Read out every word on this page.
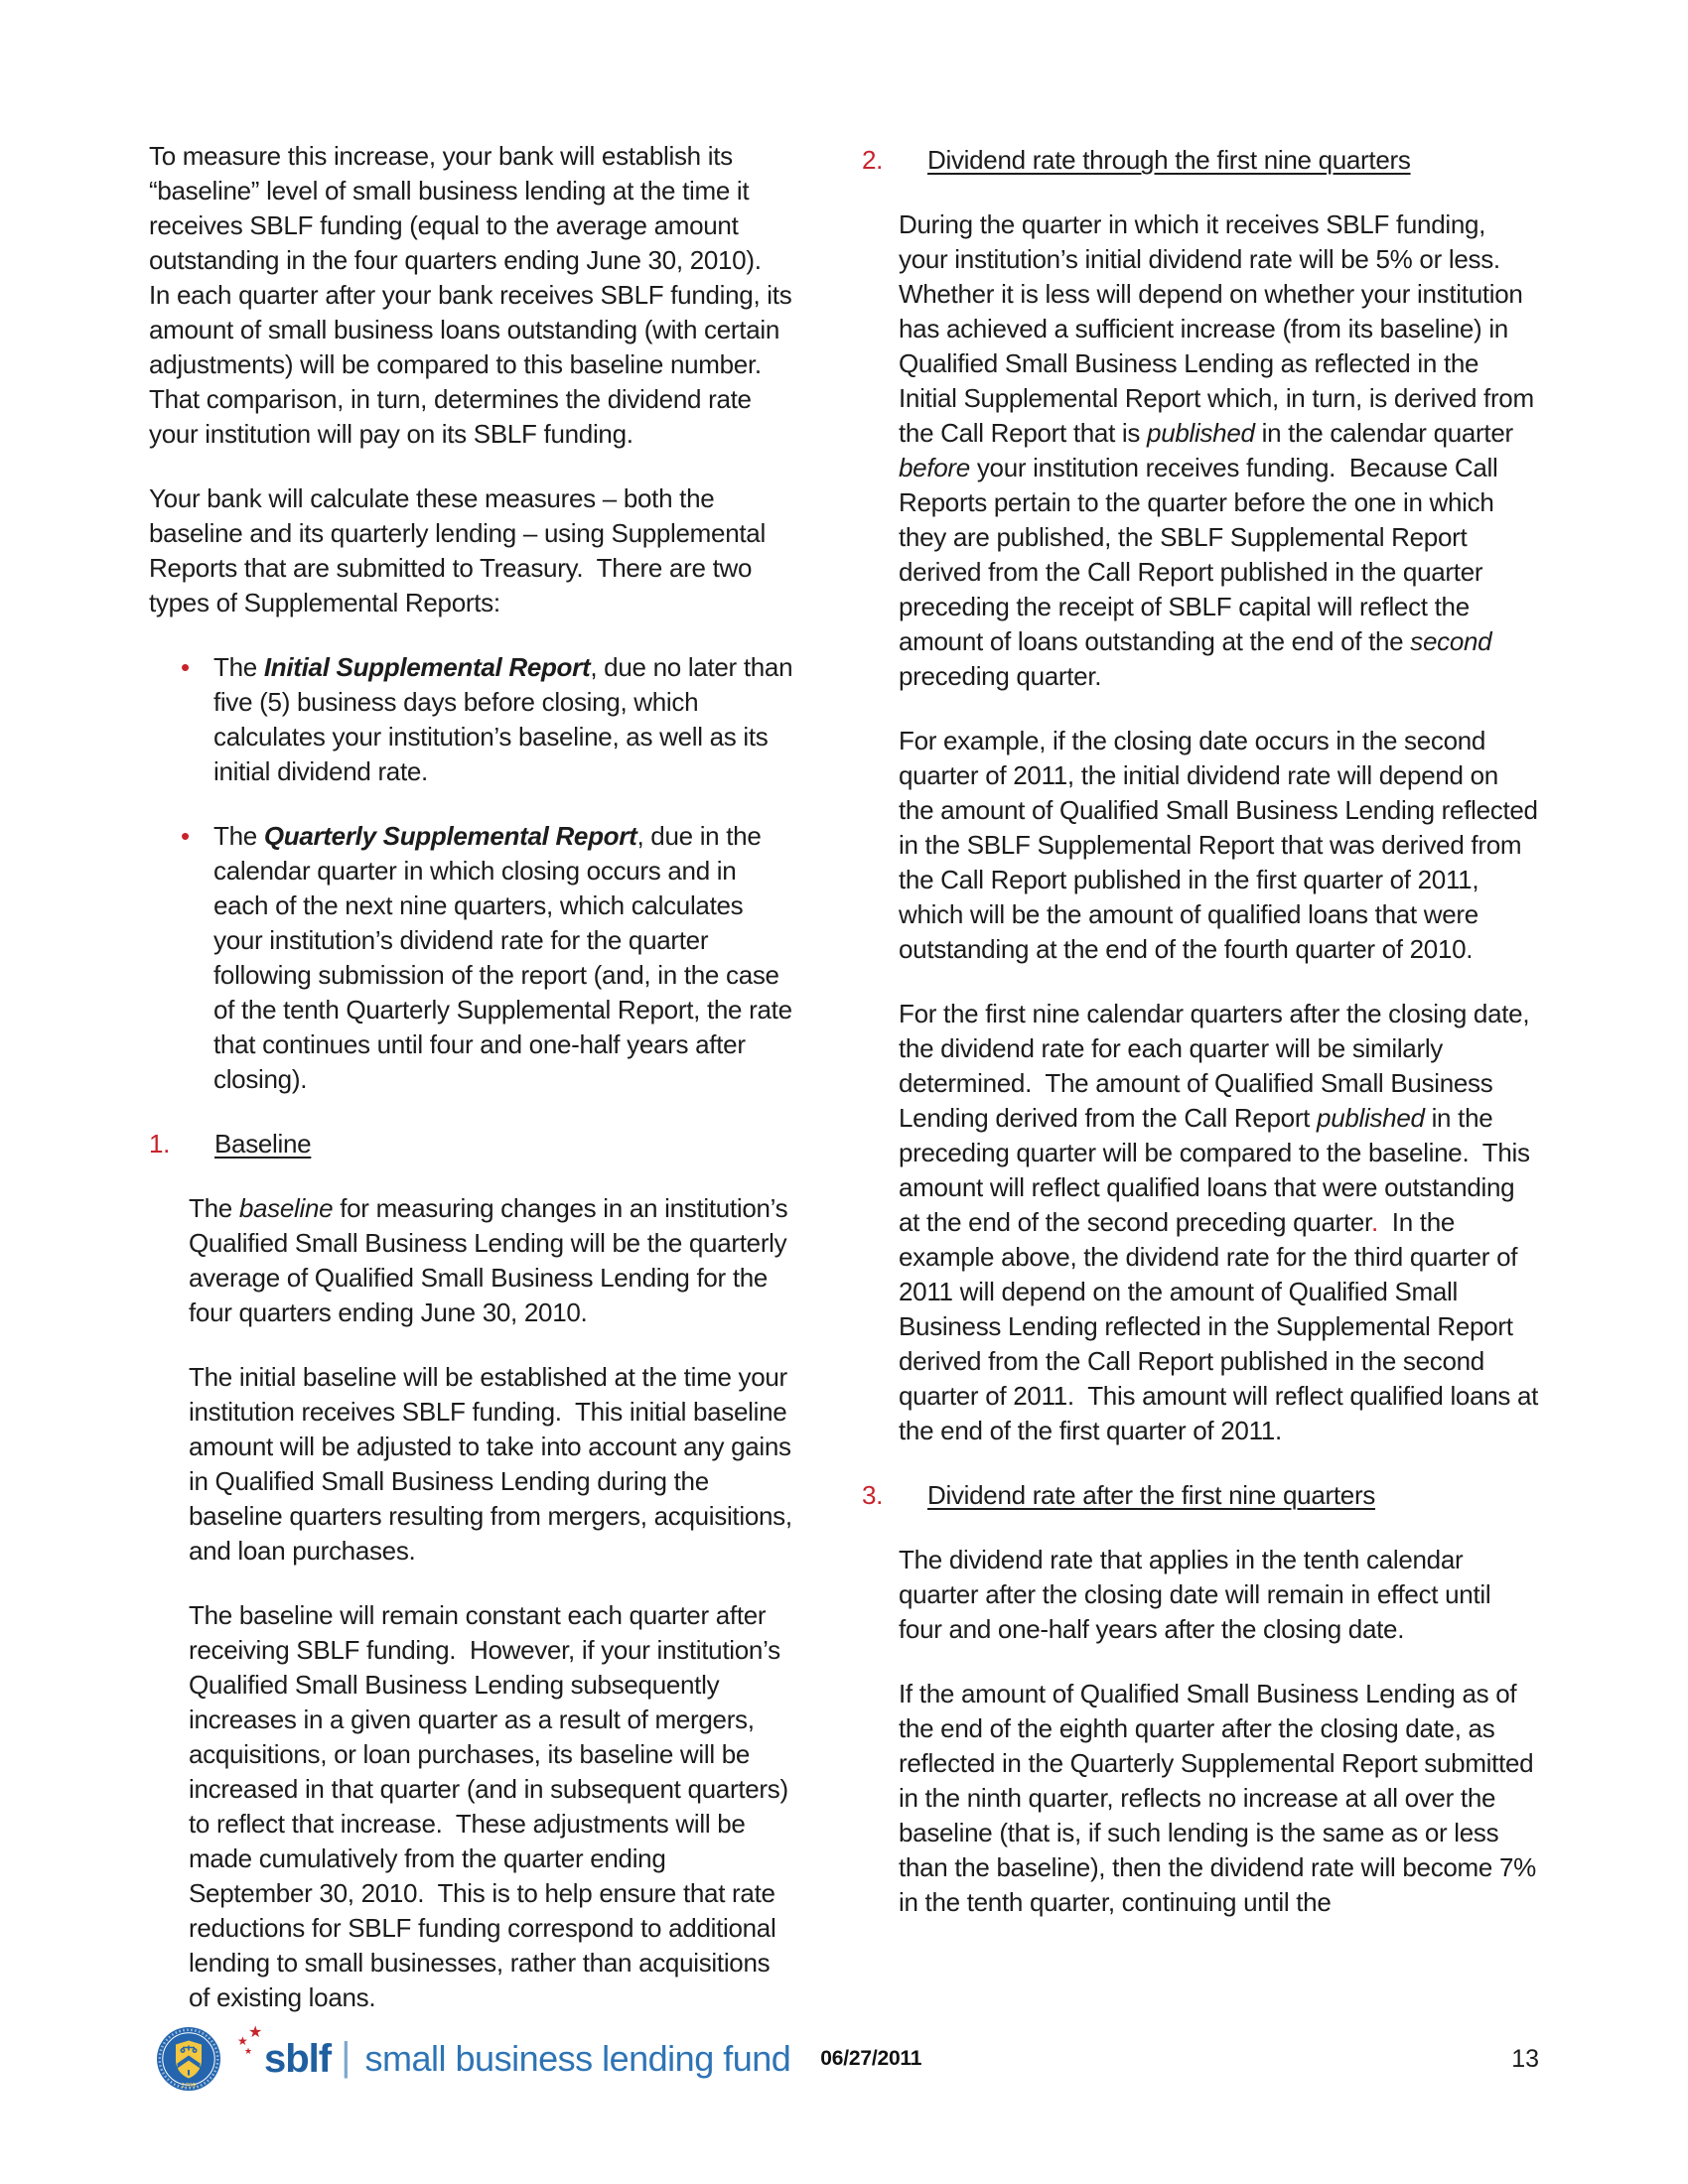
To measure this increase, your bank will establish its “baseline” level of small business lending at the time it receives SBLF funding (equal to the average amount outstanding in the four quarters ending June 30, 2010).  In each quarter after your bank receives SBLF funding, its amount of small business loans outstanding (with certain adjustments) will be compared to this baseline number.  That comparison, in turn, determines the dividend rate your institution will pay on its SBLF funding.

Your bank will calculate these measures – both the baseline and its quarterly lending – using Supplemental Reports that are submitted to Treasury.  There are two types of Supplemental Reports:

• The Initial Supplemental Report, due no later than five (5) business days before closing, which calculates your institution’s baseline, as well as its initial dividend rate.
• The Quarterly Supplemental Report, due in the calendar quarter in which closing occurs and in each of the next nine quarters, which calculates your institution’s dividend rate for the quarter following submission of the report (and, in the case of the tenth Quarterly Supplemental Report, the rate that continues until four and one-half years after closing).
1.	Baseline

The baseline for measuring changes in an institution’s Qualified Small Business Lending will be the quarterly average of Qualified Small Business Lending for the four quarters ending June 30, 2010.

The initial baseline will be established at the time your institution receives SBLF funding.  This initial baseline amount will be adjusted to take into account any gains in Qualified Small Business Lending during the baseline quarters resulting from mergers, acquisitions, and loan purchases.

The baseline will remain constant each quarter after receiving SBLF funding.  However, if your institution’s Qualified Small Business Lending subsequently increases in a given quarter as a result of mergers, acquisitions, or loan purchases, its baseline will be increased in that quarter (and in subsequent quarters) to reflect that increase.  These adjustments will be made cumulatively from the quarter ending September 30, 2010.  This is to help ensure that rate reductions for SBLF funding correspond to additional lending to small businesses, rather than acquisitions of existing loans.

2.	Dividend rate through the first nine quarters

During the quarter in which it receives SBLF funding, your institution’s initial dividend rate will be 5% or less.  Whether it is less will depend on whether your institution has achieved a sufficient increase (from its baseline) in Qualified Small Business Lending as reflected in the Initial Supplemental Report which, in turn, is derived from the Call Report that is published in the calendar quarter before your institution receives funding.  Because Call Reports pertain to the quarter before the one in which they are published, the SBLF Supplemental Report derived from the Call Report published in the quarter preceding the receipt of SBLF capital will reflect the amount of loans outstanding at the end of the second preceding quarter.

For example, if the closing date occurs in the second quarter of 2011, the initial dividend rate will depend on the amount of Qualified Small Business Lending reflected in the SBLF Supplemental Report that was derived from the Call Report published in the first quarter of 2011, which will be the amount of qualified loans that were outstanding at the end of the fourth quarter of 2010.

For the first nine calendar quarters after the closing date, the dividend rate for each quarter will be similarly determined.  The amount of Qualified Small Business Lending derived from the Call Report published in the preceding quarter will be compared to the baseline.  This amount will reflect qualified loans that were outstanding at the end of the second preceding quarter.  In the example above, the dividend rate for the third quarter of 2011 will depend on the amount of Qualified Small Business Lending reflected in the Supplemental Report derived from the Call Report published in the second quarter of 2011.  This amount will reflect qualified loans at the end of the first quarter of 2011.

3.	Dividend rate after the first nine quarters

The dividend rate that applies in the tenth calendar quarter after the closing date will remain in effect until four and one-half years after the closing date.

If the amount of Qualified Small Business Lending as of the end of the eighth quarter after the closing date, as reflected in the Quarterly Supplemental Report submitted in the ninth quarter, reflects no increase at all over the baseline (that is, if such lending is the same as or less than the baseline), then the dividend rate will become 7% in the tenth quarter, continuing until the

1789
★
★
★ sblf | small business lending fund 06/27/2011	13
